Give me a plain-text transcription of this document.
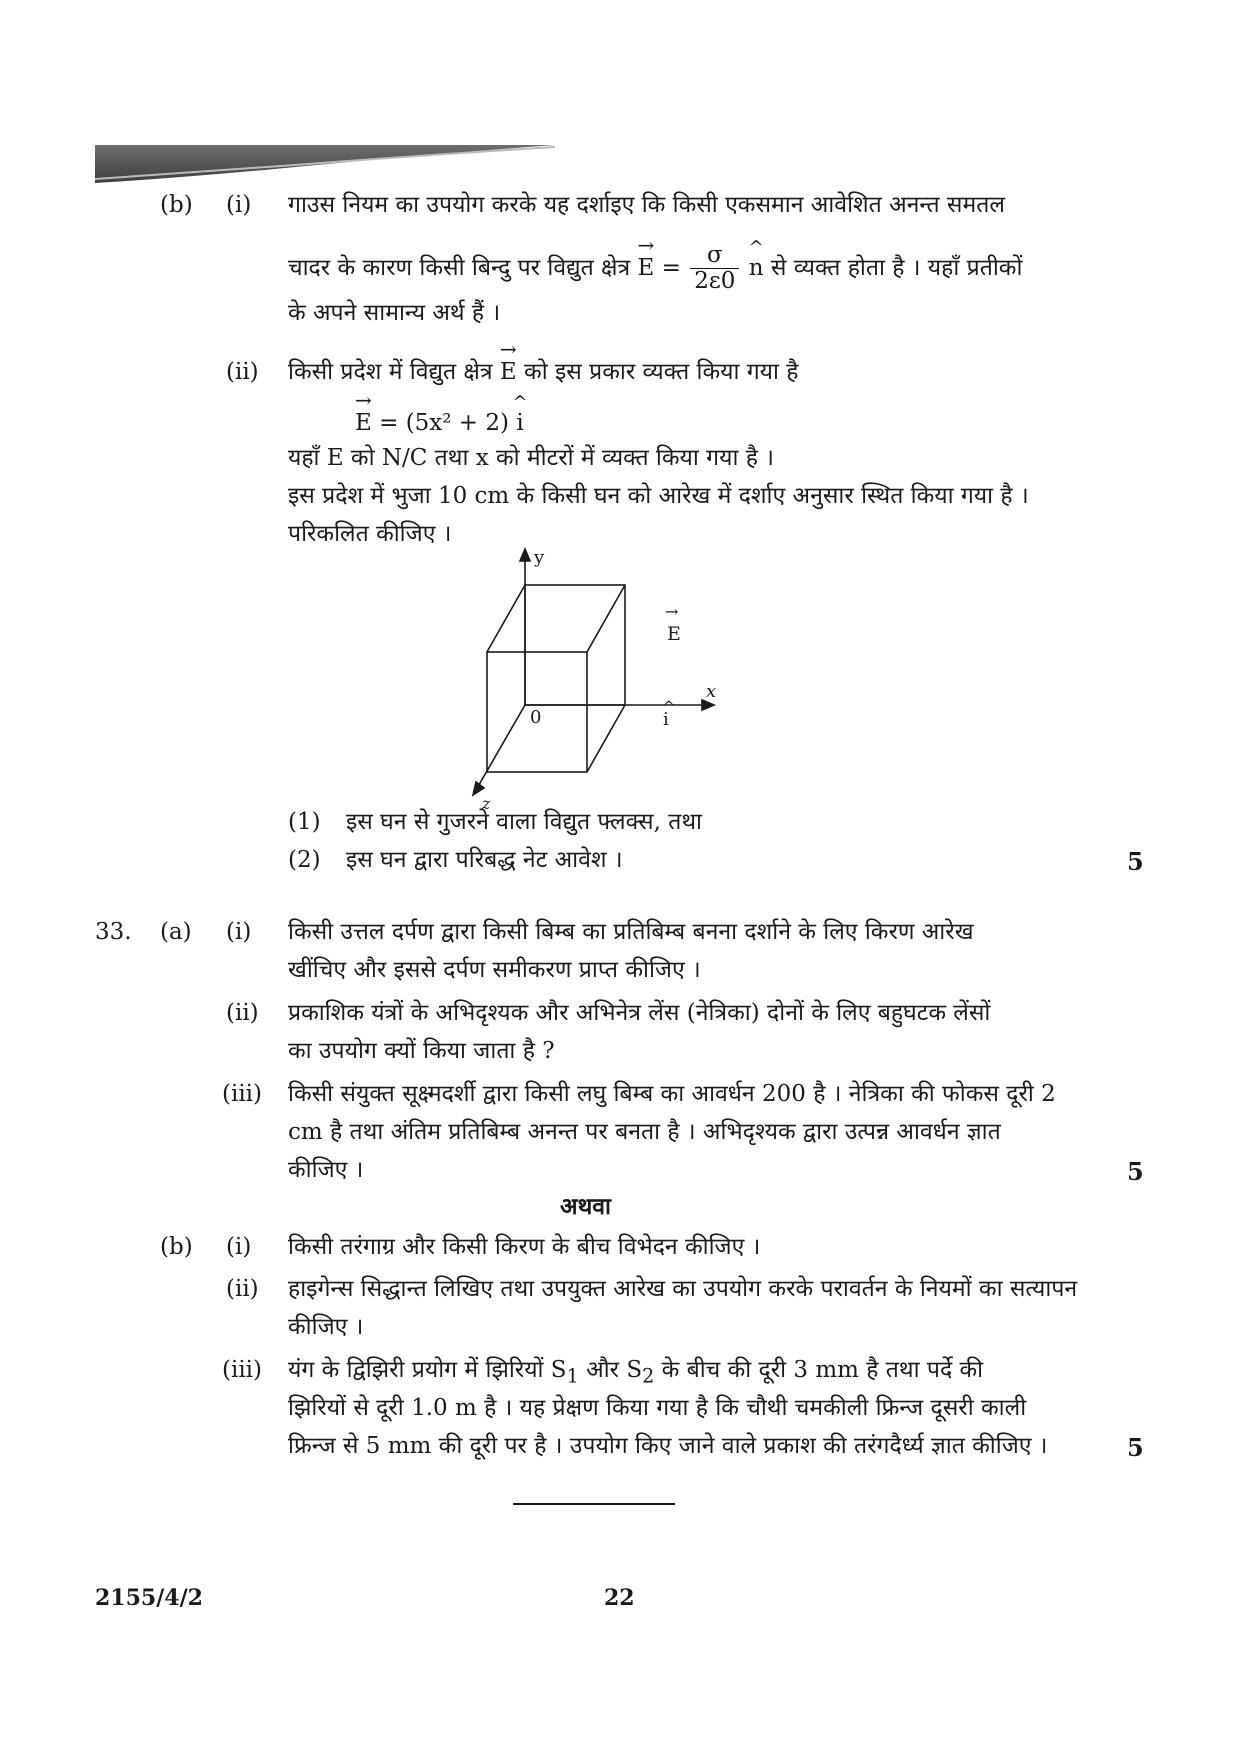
(b) (i) गाउस नियम का उपयोग करके यह दर्शाइए कि किसी एकसमान आवेशित अनन्त समतल
चादर के कारण किसी बिन्दु पर विद्युत क्षेत्र
→
$E = \frac{\sigma}{2\varepsilon 0}$
^
n से व्यक्त होता है । यहाँ प्रतीकों
के अपने सामान्य अर्थ हैं ।
(ii) किसी प्रदेश में विद्युत क्षेत्र
→
E को इस प्रकार व्यक्त किया गया है
→
E = (5x² + 2)
^
i
यहाँ E को N/C तथा x को मीटरों में व्यक्त किया गया है ।
इस प्रदेश में भुजा 10 cm के किसी घन को आरेख में दर्शाए अनुसार स्थित किया गया है ।
परिकलित कीजिए ।
y
x
z
0
E
→
i
^
(1) इस घन से गुजरने वाला विद्युत फ्लक्स, तथा
(2) इस घन द्वारा परिबद्ध नेट आवेश ।	5
33. (a) (i) किसी उत्तल दर्पण द्वारा किसी बिम्ब का प्रतिबिम्ब बनना दर्शाने के लिए किरण आरेख
खींचिए और इससे दर्पण समीकरण प्राप्त कीजिए ।
(ii) प्रकाशिक यंत्रों के अभिदृश्यक और अभिनेत्र लेंस (नेत्रिका) दोनों के लिए बहुघटक लेंसों
का उपयोग क्यों किया जाता है ?
(iii) किसी संयुक्त सूक्ष्मदर्शी द्वारा किसी लघु बिम्ब का आवर्धन 200 है । नेत्रिका की फोकस दूरी 2
cm है तथा अंतिम प्रतिबिम्ब अनन्त पर बनता है । अभिदृश्यक द्वारा उत्पन्न आवर्धन ज्ञात
कीजिए ।	5
अथवा
(b) (i) किसी तरंगाग्र और किसी किरण के बीच विभेदन कीजिए ।
(ii) हाइगेन्स सिद्धान्त लिखिए तथा उपयुक्त आरेख का उपयोग करके परावर्तन के नियमों का सत्यापन
कीजिए ।
(iii) यंग के द्विझिरी प्रयोग में झिरियों $S_1$ और $S_2$ के बीच की दूरी 3 mm है तथा पर्दे की
झिरियों से दूरी 1.0 m है । यह प्रेक्षण किया गया है कि चौथी चमकीली फ्रिन्ज दूसरी काली
फ्रिन्ज से 5 mm की दूरी पर है । उपयोग किए जाने वाले प्रकाश की तरंगदैर्ध्य ज्ञात कीजिए ।	5
2155/4/2	22
